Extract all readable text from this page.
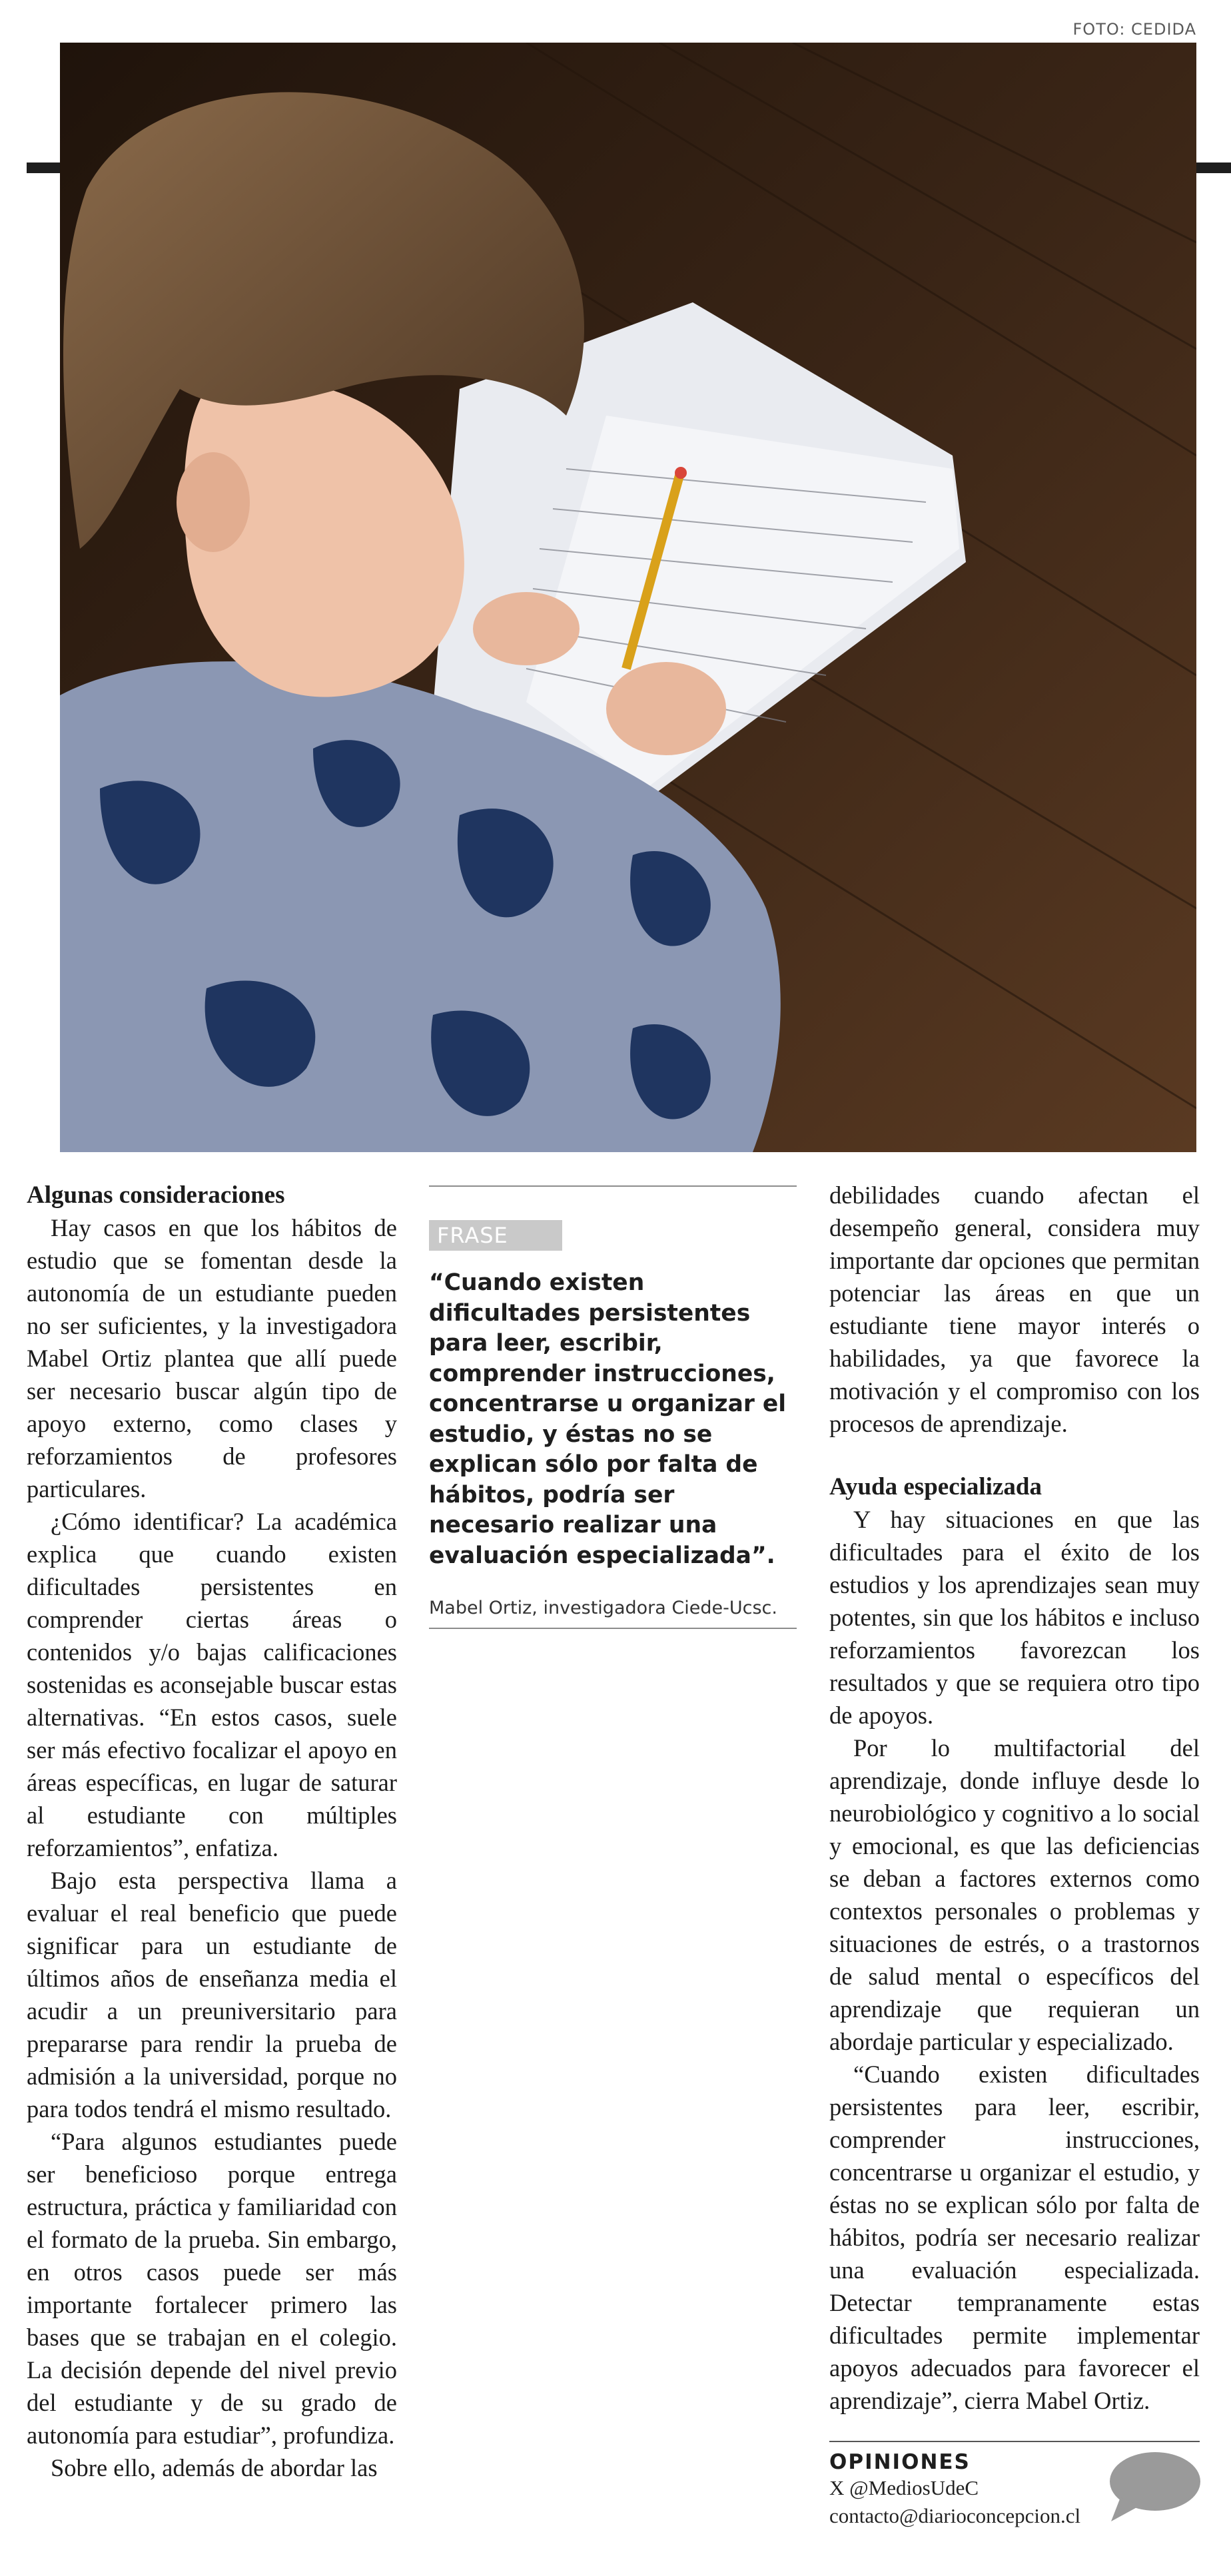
FOTO: CEDIDA
Algunas consideraciones

Hay casos en que los hábitos de estudio que se fomentan desde la autonomía de un estudiante pueden no ser suficientes, y la investigadora Mabel Ortiz plantea que allí puede ser necesario buscar algún tipo de apoyo externo, como clases y reforzamientos de profesores particulares.

¿Cómo identificar? La académica explica que cuando existen dificultades persistentes en comprender ciertas áreas o contenidos y/o bajas calificaciones sostenidas es aconsejable buscar estas alternativas. “En estos casos, suele ser más efectivo focalizar el apoyo en áreas específicas, en lugar de saturar al estudiante con múltiples reforzamientos”, enfatiza.

Bajo esta perspectiva llama a evaluar el real beneficio que puede significar para un estudiante de últimos años de enseñanza media el acudir a un preuniversitario para prepararse para rendir la prueba de admisión a la universidad, porque no para todos tendrá el mismo resultado.

“Para algunos estudiantes puede ser beneficioso porque entrega estructura, práctica y familiaridad con el formato de la prueba. Sin embargo, en otros casos puede ser más importante fortalecer primero las bases que se trabajan en el colegio. La decisión depende del nivel previo del estudiante y de su grado de autonomía para estudiar”, profundiza.

Sobre ello, además de abordar las

FRASE
“Cuando existen dificultades persistentes para leer, escribir, comprender instrucciones, concentrarse u organizar el estudio, y éstas no se explican sólo por falta de hábitos, podría ser necesario realizar una evaluación especializada”.
Mabel Ortiz, investigadora Ciede-Ucsc.

debilidades cuando afectan el desempeño general, considera muy importante dar opciones que permitan potenciar las áreas en que un estudiante tiene mayor interés o habilidades, ya que favorece la motivación y el compromiso con los procesos de aprendizaje.

Ayuda especializada

Y hay situaciones en que las dificultades para el éxito de los estudios y los aprendizajes sean muy potentes, sin que los hábitos e incluso reforzamientos favorezcan los resultados y que se requiera otro tipo de apoyos.

Por lo multifactorial del aprendizaje, donde influye desde lo neurobiológico y cognitivo a lo social y emocional, es que las deficiencias se deban a factores externos como contextos personales o problemas y situaciones de estrés, o a trastornos de salud mental o específicos del aprendizaje que requieran un abordaje particular y especializado.

“Cuando existen dificultades persistentes para leer, escribir, comprender instrucciones, concentrarse u organizar el estudio, y éstas no se explican sólo por falta de hábitos, podría ser necesario realizar una evaluación especializada. Detectar tempranamente estas dificultades permite implementar apoyos adecuados para favorecer el aprendizaje”, cierra Mabel Ortiz.

OPINIONES
X @MediosUdeC
contacto@diarioconcepcion.cl
